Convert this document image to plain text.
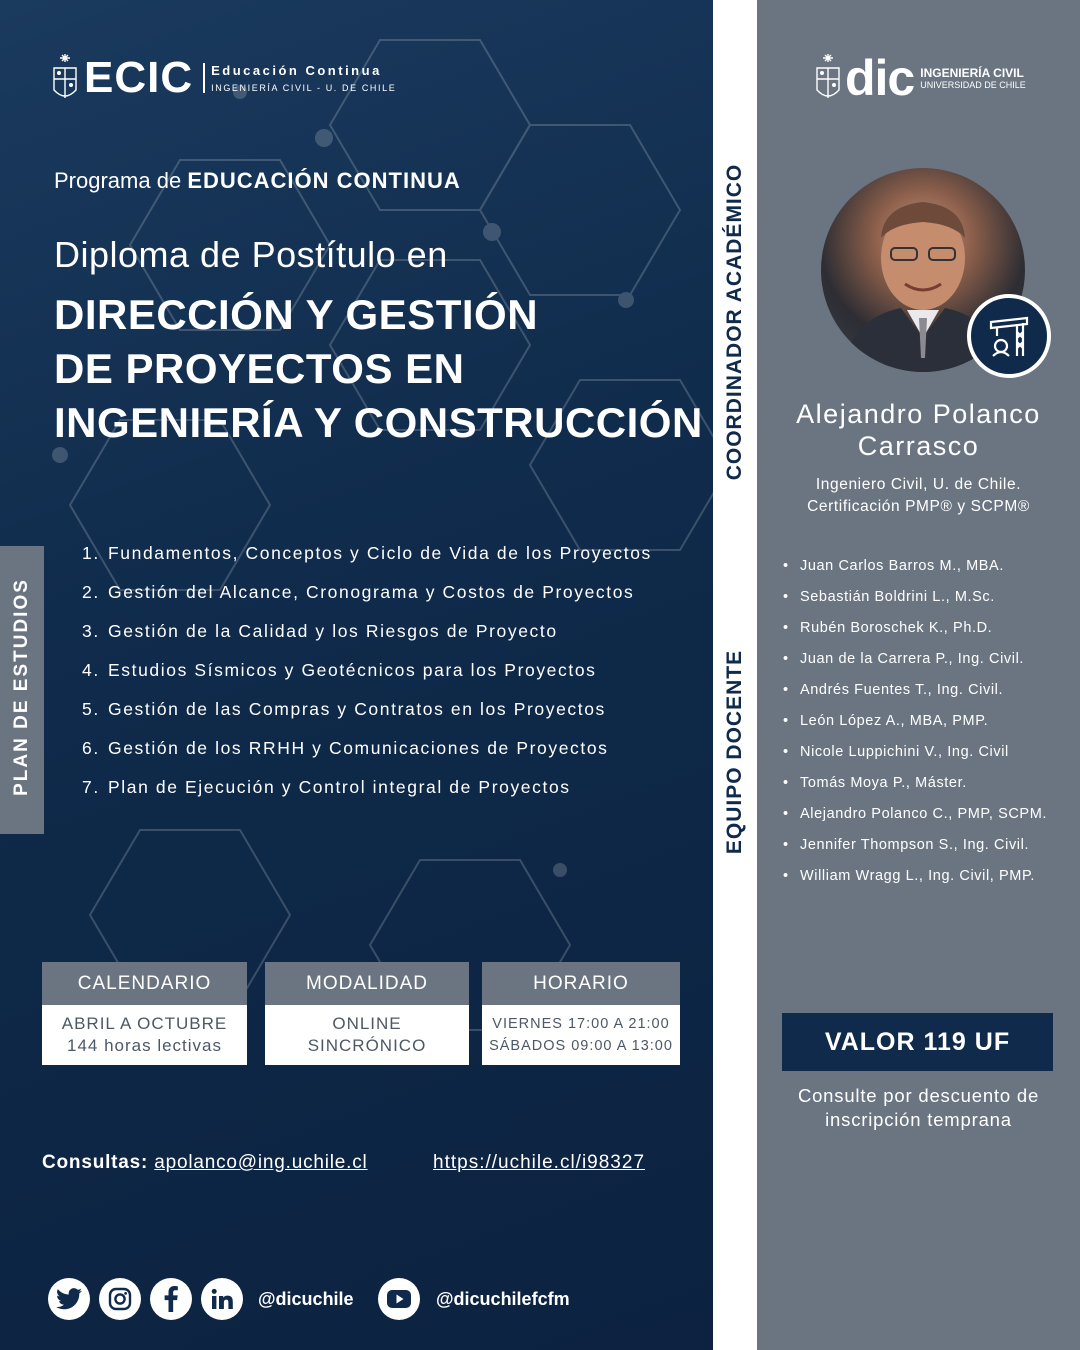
ECIC Educación Continua
INGENIERÍA CIVIL - U. DE CHILE
Programa de EDUCACIÓN CONTINUA
Diploma de Postítulo en
DIRECCIÓN Y GESTIÓN
DE PROYECTOS EN
INGENIERÍA Y CONSTRUCCIÓN
PLAN DE ESTUDIOS
1. Fundamentos, Conceptos y Ciclo de Vida de los Proyectos
2. Gestión del Alcance, Cronograma y Costos de Proyectos
3. Gestión de la Calidad y los Riesgos de Proyecto
4. Estudios Sísmicos y Geotécnicos para los Proyectos
5. Gestión de las Compras y Contratos en los Proyectos
6. Gestión de los RRHH y Comunicaciones de Proyectos
7. Plan de Ejecución y Control integral de Proyectos
CALENDARIO
ABRIL A OCTUBRE
144 horas lectivas
MODALIDAD
ONLINE
SINCRÓNICO
HORARIO
VIERNES 17:00 A 21:00
SÁBADOS 09:00 A 13:00
Consultas: apolanco@ing.uchile.cl	https://uchile.cl/i98327
@dicuchile	@dicuchilefcfm
COORDINADOR ACADÉMICO
EQUIPO DOCENTE
dic INGENIERÍA CIVIL
UNIVERSIDAD DE CHILE
Alejandro Polanco
Carrasco
Ingeniero Civil, U. de Chile.
Certificación PMP® y SCPM®
• Juan Carlos Barros M., MBA.
• Sebastián Boldrini L., M.Sc.
• Rubén Boroschek K., Ph.D.
• Juan de la Carrera P., Ing. Civil.
• Andrés Fuentes T., Ing. Civil.
• León López A., MBA, PMP.
• Nicole Luppichini V., Ing. Civil
• Tomás Moya P., Máster.
• Alejandro Polanco C., PMP, SCPM.
• Jennifer Thompson S., Ing. Civil.
• William Wragg L., Ing. Civil, PMP.
VALOR 119 UF
Consulte por descuento de
inscripción temprana
